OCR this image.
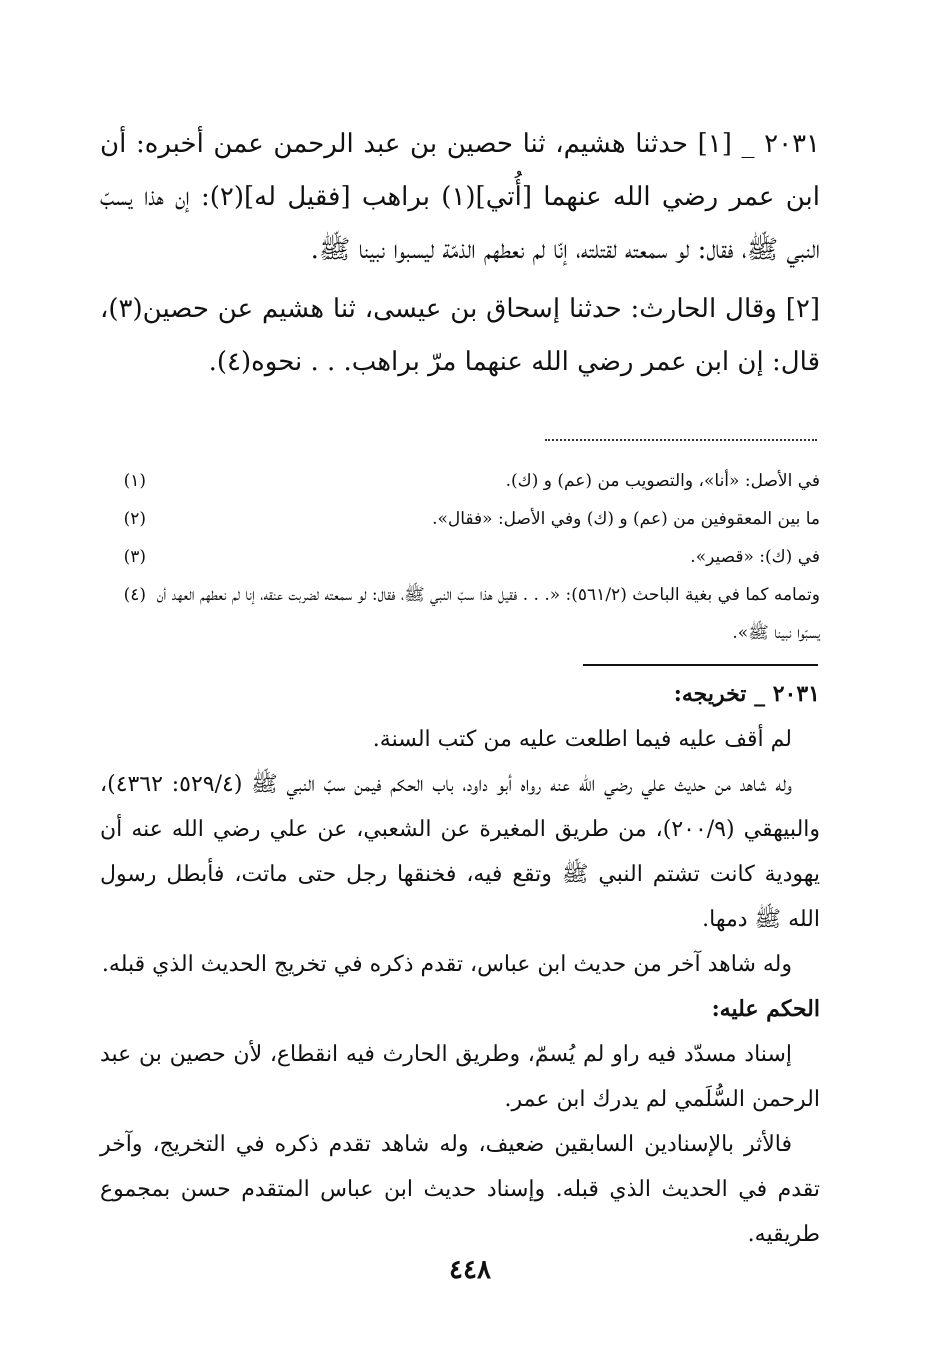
٢٠٣١ _ [١] حدثنا هشيم، ثنا حصين بن عبد الرحمن عمن أخبره: أن ابن عمر رضي الله عنهما [أُتي](١) براهب [فقيل له](٢): إن هذا يسبّ النبي ﷺ، فقال: لو سمعته لقتلته، إنّا لم نعطهم الذمّة ليسبوا نبينا ﷺ.

[٢] وقال الحارث: حدثنا إسحاق بن عيسى، ثنا هشيم عن حصين(٣)، قال: إن ابن عمر رضي الله عنهما مرّ براهب. . . نحوه(٤).

(١)	في الأصل: «أنا»، والتصويب من (عم) و (ك).
(٢)	ما بين المعقوفين من (عم) و (ك) وفي الأصل: «فقال».
(٣)	في (ك): «قصير».
(٤) وتمامه كما في بغية الباحث (٥٦١/٢): «. . . فقيل هذا سبّ النبي ﷺ، فقال: لو سمعته لضربت عنقه، إنا لم نعطهم العهد أن يسبّوا نبينا ﷺ».

٢٠٣١ _ تخريجه:

لم أقف عليه فيما اطلعت عليه من كتب السنة.

وله شاهد من حديث علي رضي الله عنه رواه أبو داود، باب الحكم فيمن سبّ النبي ﷺ (٥٢٩/٤: ٤٣٦٢)، والبيهقي (٢٠٠/٩)، من طريق المغيرة عن الشعبي، عن علي رضي الله عنه أن يهودية كانت تشتم النبي ﷺ وتقع فيه، فخنقها رجل حتى ماتت، فأبطل رسول الله ﷺ دمها.

وله شاهد آخر من حديث ابن عباس، تقدم ذكره في تخريج الحديث الذي قبله.

الحكم عليه:

إسناد مسدّد فيه راو لم يُسمّ، وطريق الحارث فيه انقطاع، لأن حصين بن عبد الرحمن السُّلَمي لم يدرك ابن عمر.

فالأثر بالإسنادين السابقين ضعيف، وله شاهد تقدم ذكره في التخريج، وآخر تقدم في الحديث الذي قبله. وإسناد حديث ابن عباس المتقدم حسن بمجموع طريقيه.

٤٤٨
